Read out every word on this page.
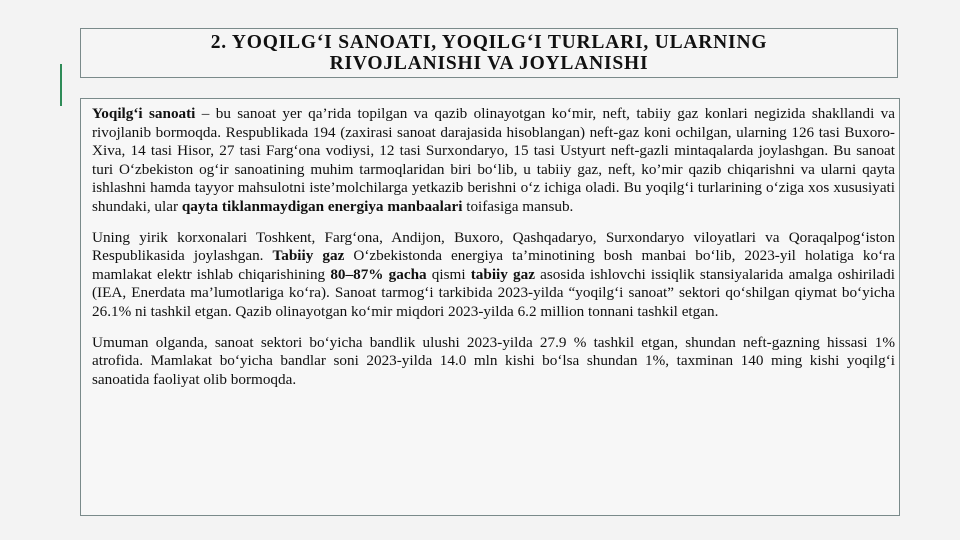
2. YOQILG‘I SANOATI, YOQILG‘I TURLARI, ULARNING
RIVOJLANISHI VA JOYLANISHI

Yoqilg‘i sanoati – bu sanoat yer qa’rida topilgan va qazib olinayotgan ko‘mir, neft, tabiiy gaz konlari negizida shakllandi va rivojlanib bormoqda. Respublikada 194 (zaxirasi sanoat darajasida hisoblangan) neft-gaz koni ochilgan, ularning 126 tasi Buxoro-Xiva, 14 tasi Hisor, 27 tasi Farg‘ona vodiysi, 12 tasi Surxondaryo, 15 tasi Ustyurt neft-gazli mintaqalarda joylashgan. Bu sanoat turi O‘zbekiston og‘ir sanoatining muhim tarmoqlaridan biri bo‘lib, u tabiiy gaz, neft, ko’mir qazib chiqarishni va ularni qayta ishlashni hamda tayyor mahsulotni iste’molchilarga yetkazib berishni o‘z ichiga oladi. Bu yoqilg‘i turlarining o‘ziga xos xususiyati shundaki, ular qayta tiklanmaydigan energiya manbaalari toifasiga mansub.

Uning yirik korxonalari Toshkent, Farg‘ona, Andijon, Buxoro, Qashqadaryo, Surxondaryo viloyatlari va Qoraqalpog‘iston Respublikasida joylashgan. Tabiiy gaz O‘zbekistonda energiya ta’minotining bosh manbai bo‘lib, 2023-yil holatiga ko‘ra mamlakat elektr ishlab chiqarishining 80–87% gacha qismi tabiiy gaz asosida ishlovchi issiqlik stansiyalarida amalga oshiriladi (IEA, Enerdata ma’lumotlariga ko‘ra). Sanoat tarmog‘i tarkibida 2023-yilda “yoqilg‘i sanoat” sektori qo‘shilgan qiymat bo‘yicha 26.1% ni tashkil etgan. Qazib olinayotgan ko‘mir miqdori 2023-yilda 6.2 million tonnani tashkil etgan.

Umuman olganda, sanoat sektori bo‘yicha bandlik ulushi 2023-yilda 27.9 % tashkil etgan, shundan neft-gazning hissasi 1% atrofida. Mamlakat bo‘yicha bandlar soni 2023-yilda 14.0 mln kishi bo‘lsa shundan 1%, taxminan 140 ming kishi yoqilg‘i sanoatida faoliyat olib bormoqda.
